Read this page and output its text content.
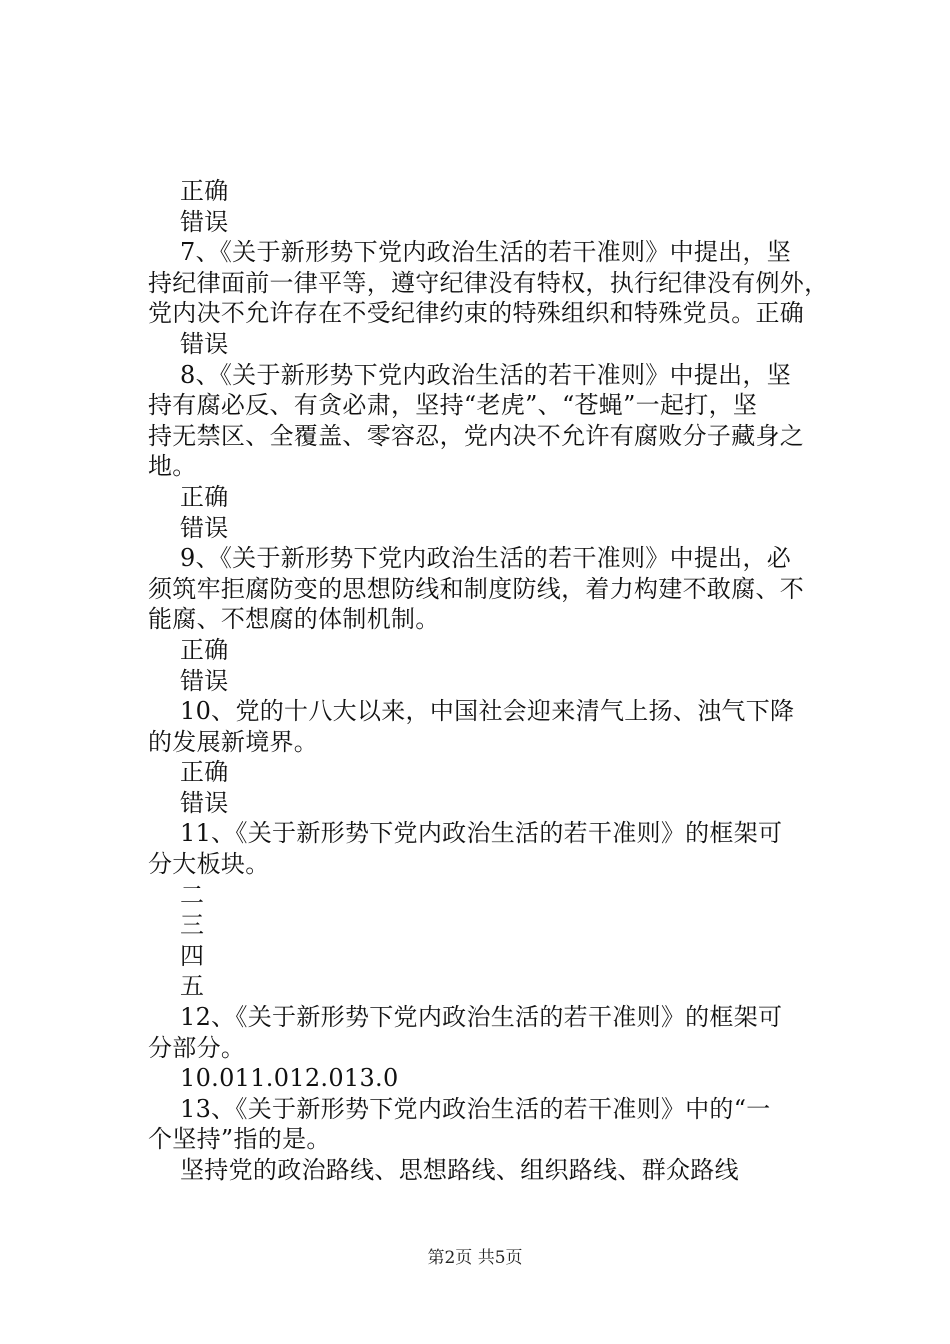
正确
错误
7、《关于新形势下党内政治生活的若干准则》中提出，坚
持纪律面前一律平等，遵守纪律没有特权，执行纪律没有例外，
党内决不允许存在不受纪律约束的特殊组织和特殊党员。正确
错误
8、《关于新形势下党内政治生活的若干准则》中提出，坚
持有腐必反、有贪必肃，坚持“老虎”、“苍蝇”一起打，坚
持无禁区、全覆盖、零容忍，党内决不允许有腐败分子藏身之
地。
正确
错误
9、《关于新形势下党内政治生活的若干准则》中提出，必
须筑牢拒腐防变的思想防线和制度防线，着力构建不敢腐、不
能腐、不想腐的体制机制。
正确
错误
10、党的十八大以来，中国社会迎来清气上扬、浊气下降
的发展新境界。
正确
错误
11、《关于新形势下党内政治生活的若干准则》的框架可
分大板块。
二
三
四
五
12、《关于新形势下党内政治生活的若干准则》的框架可
分部分。
10.011.012.013.0
13、《关于新形势下党内政治生活的若干准则》中的“一
个坚持”指的是。
坚持党的政治路线、思想路线、组织路线、群众路线
第2页 共5页
